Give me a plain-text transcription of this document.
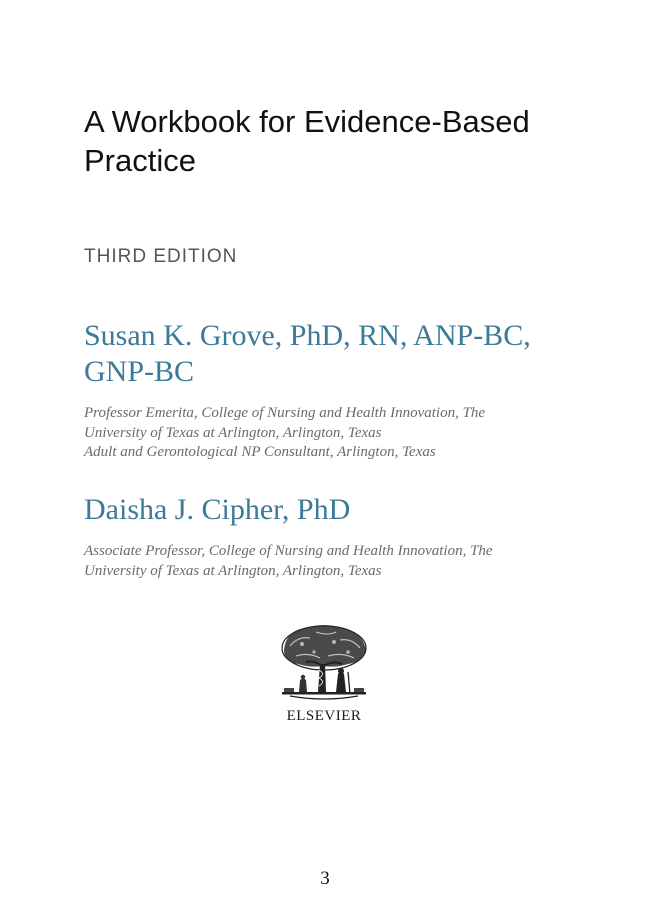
A Workbook for Evidence-Based
Practice

THIRD EDITION

Susan K. Grove, PhD, RN, ANP-BC,
GNP-BC
Professor Emerita, College of Nursing and Health Innovation, The
University of Texas at Arlington, Arlington, Texas
Adult and Gerontological NP Consultant, Arlington, Texas
Daisha J. Cipher, PhD
Associate Professor, College of Nursing and Health Innovation, The
University of Texas at Arlington, Arlington, Texas
ELSEVIER
3
